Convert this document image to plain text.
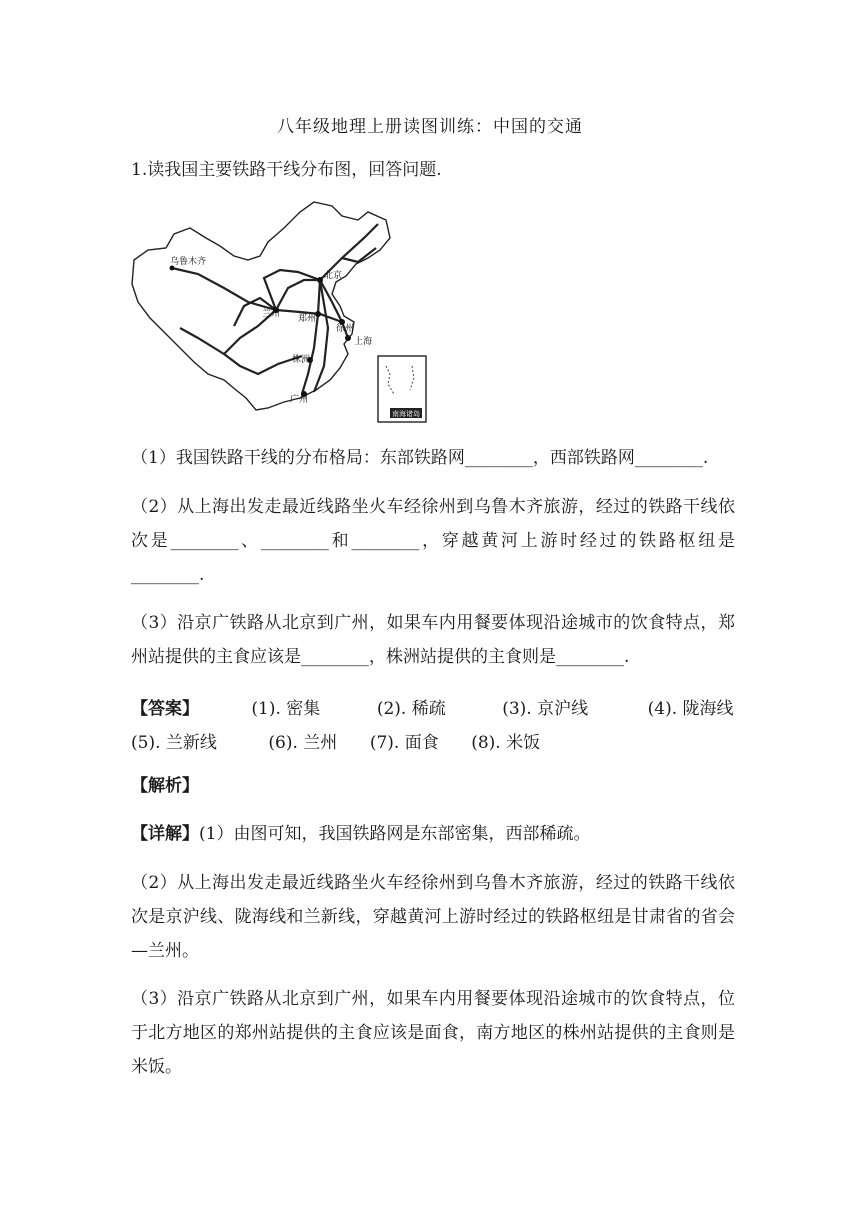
八年级地理上册读图训练：中国的交通
1.读我国主要铁路干线分布图，回答问题.
乌鲁木齐
北京
兰州 郑州
徐州
上海
株洲
广州
南海诸岛
（1）我国铁路干线的分布格局：东部铁路网________，西部铁路网________.
（2）从上海出发走最近线路坐火车经徐州到乌鲁木齐旅游，经过的铁路干线依次是________、________和________，穿越黄河上游时经过的铁路枢纽是________.
（3）沿京广铁路从北京到广州，如果车内用餐要体现沿途城市的饮食特点，郑州站提供的主食应该是________，株洲站提供的主食则是________.
【答案】	(1). 密集	(2). 稀疏	(3). 京沪线	(4). 陇海线
(5). 兰新线	(6). 兰州 (7). 面食 (8). 米饭
【解析】
【详解】(1）由图可知，我国铁路网是东部密集，西部稀疏。
（2）从上海出发走最近线路坐火车经徐州到乌鲁木齐旅游，经过的铁路干线依次是京沪线、陇海线和兰新线，穿越黄河上游时经过的铁路枢纽是甘肃省的省会—兰州。
（3）沿京广铁路从北京到广州，如果车内用餐要体现沿途城市的饮食特点，位于北方地区的郑州站提供的主食应该是面食，南方地区的株州站提供的主食则是米饭。
